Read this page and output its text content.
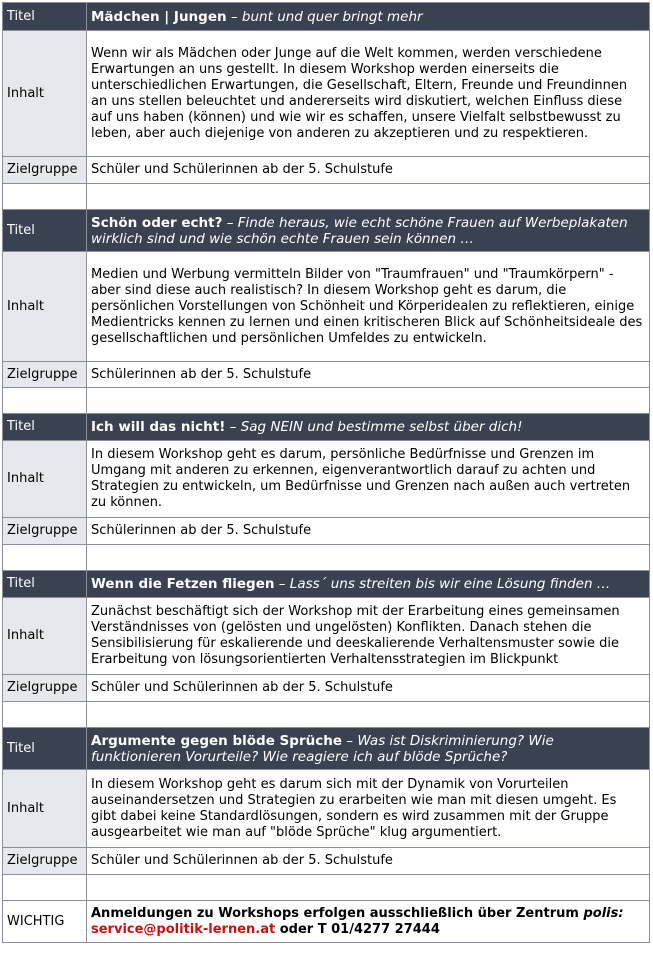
Titel	Mädchen | Jungen – bunt und quer bringt mehr
Inhalt	Wenn wir als Mädchen oder Junge auf die Welt kommen, werden verschiedene Erwartungen an uns gestellt. In diesem Workshop werden einerseits die unterschiedlichen Erwartungen, die Gesellschaft, Eltern, Freunde und Freundinnen an uns stellen beleuchtet und andererseits wird diskutiert, welchen Einfluss diese auf uns haben (können) und wie wir es schaffen, unsere Vielfalt selbstbewusst zu leben, aber auch diejenige von anderen zu akzeptieren und zu respektieren.
Zielgruppe	Schüler und Schülerinnen ab der 5. Schulstufe

Titel	Schön oder echt? – Finde heraus, wie echt schöne Frauen auf Werbeplakaten wirklich sind und wie schön echte Frauen sein können …
Inhalt	Medien und Werbung vermitteln Bilder von "Traumfrauen" und "Traumkörpern" - aber sind diese auch realistisch? In diesem Workshop geht es darum, die persönlichen Vorstellungen von Schönheit und Körperidealen zu reflektieren, einige Medientricks kennen zu lernen und einen kritischeren Blick auf Schönheitsideale des gesellschaftlichen und persönlichen Umfeldes zu entwickeln.
Zielgruppe	Schülerinnen ab der 5. Schulstufe

Titel	Ich will das nicht! – Sag NEIN und bestimme selbst über dich!
Inhalt	In diesem Workshop geht es darum, persönliche Bedürfnisse und Grenzen im Umgang mit anderen zu erkennen, eigenverantwortlich darauf zu achten und Strategien zu entwickeln, um Bedürfnisse und Grenzen nach außen auch vertreten zu können.
Zielgruppe	Schülerinnen ab der 5. Schulstufe

Titel	Wenn die Fetzen fliegen – Lass´ uns streiten bis wir eine Lösung finden …
Inhalt	Zunächst beschäftigt sich der Workshop mit der Erarbeitung eines gemeinsamen Verständnisses von (gelösten und ungelösten) Konflikten. Danach stehen die Sensibilisierung für eskalierende und deeskalierende Verhaltensmuster sowie die Erarbeitung von lösungsorientierten Verhaltensstrategien im Blickpunkt
Zielgruppe	Schüler und Schülerinnen ab der 5. Schulstufe

Titel	Argumente gegen blöde Sprüche – Was ist Diskriminierung? Wie funktionieren Vorurteile? Wie reagiere ich auf blöde Sprüche?
Inhalt	In diesem Workshop geht es darum sich mit der Dynamik von Vorurteilen auseinandersetzen und Strategien zu erarbeiten wie man mit diesen umgeht. Es gibt dabei keine Standardlösungen, sondern es wird zusammen mit der Gruppe ausgearbeitet wie man auf "blöde Sprüche" klug argumentiert.
Zielgruppe	Schüler und Schülerinnen ab der 5. Schulstufe

WICHTIG	Anmeldungen zu Workshops erfolgen ausschließlich über Zentrum polis:
service@politik-lernen.at oder T 01/4277 27444
